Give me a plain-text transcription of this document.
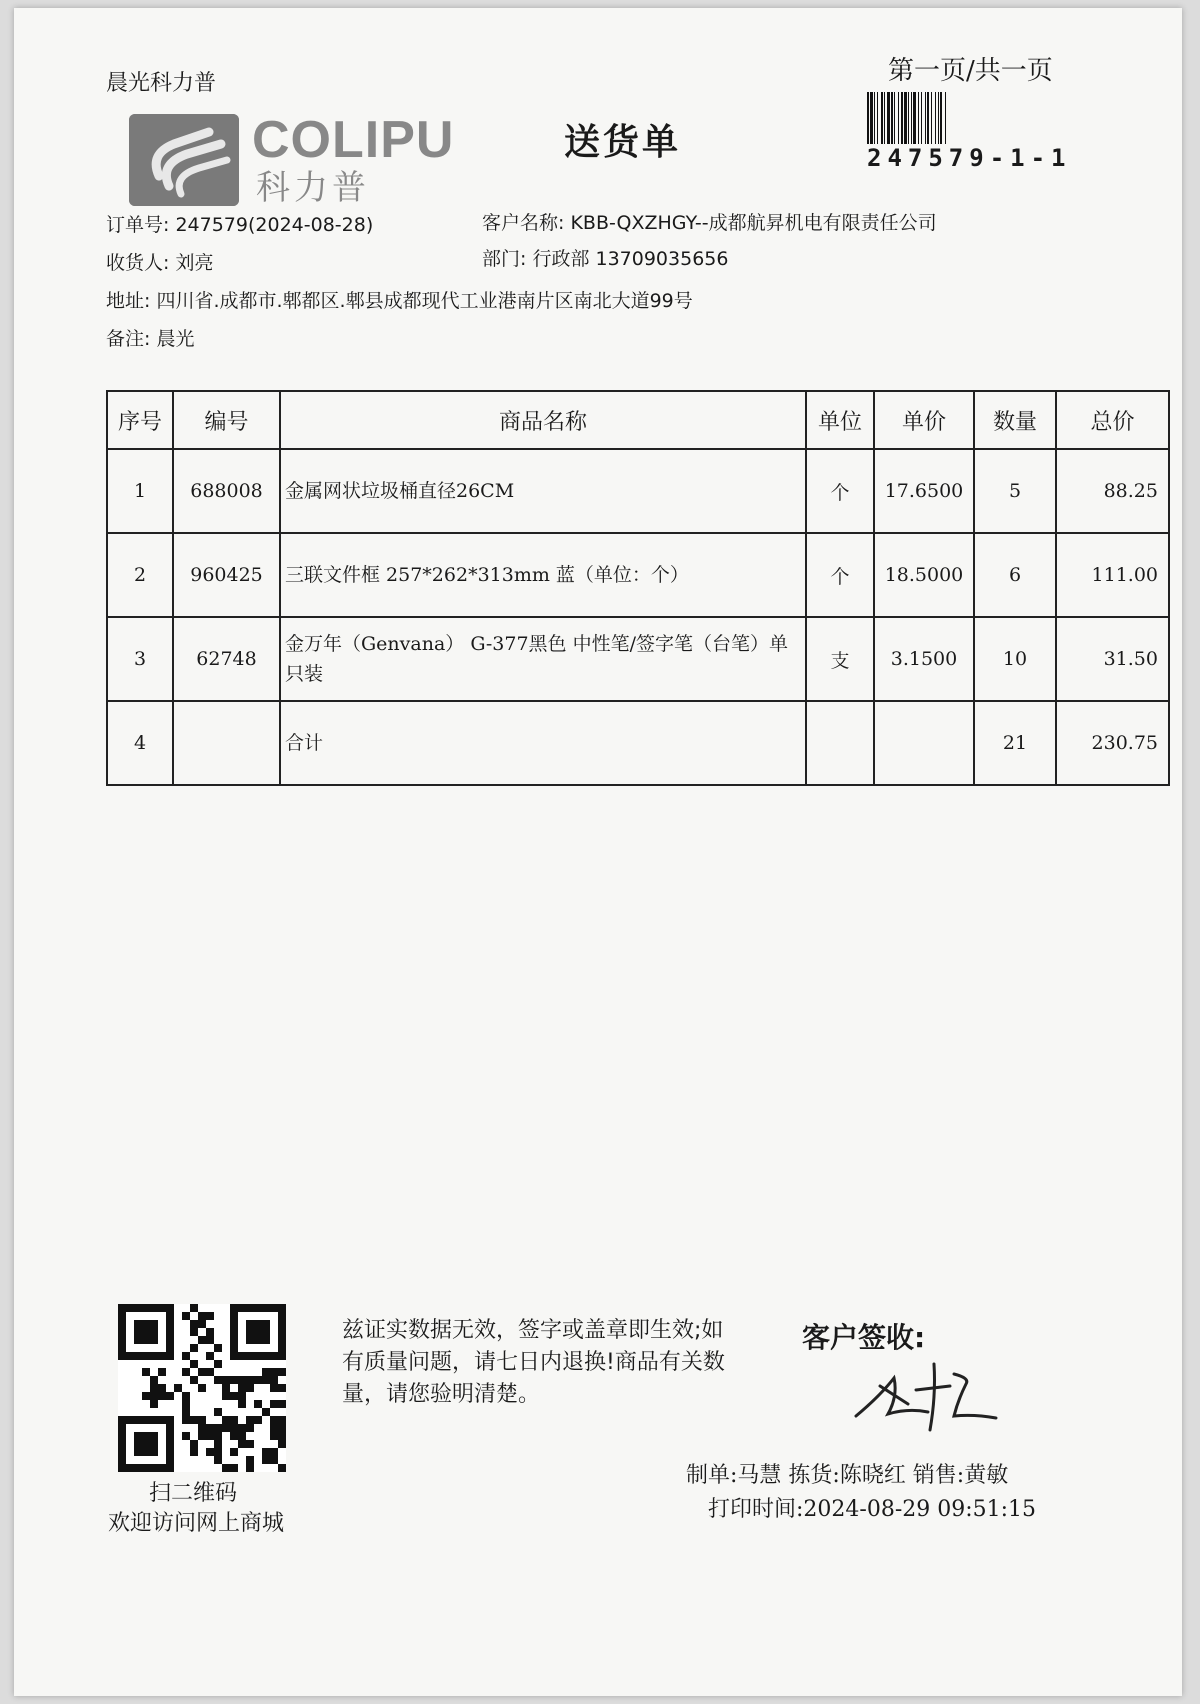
晨光科力普
COLIPU
科力普
送货单
第一页/共一页
247579-1-1
订单号: 247579(2024-08-28)	客户名称: KBB-QXZHGY--成都航昇机电有限责任公司
收货人: 刘亮	部门: 行政部 13709035656
地址: 四川省.成都市.郫都区.郫县成都现代工业港南片区南北大道99号
备注: 晨光
序号	编号	商品名称	单位	单价	数量	总价
1	688008	金属网状垃圾桶直径26CM	个	17.6500	5	88.25
2	960425	三联文件框 257*262*313mm 蓝（单位：个）	个	18.5000	6	111.00
3	62748	金万年（Genvana） G-377黑色 中性笔/签字笔（台笔）单只装	支	3.1500	10	31.50
4		合计			21	230.75
扫二维码
欢迎访问网上商城
兹证实数据无效，签字或盖章即生效;如有质量问题，请七日内退换!商品有关数量，请您验明清楚。
客户签收:
制单:马慧 拣货:陈晓红 销售:黄敏
打印时间:2024-08-29 09:51:15
